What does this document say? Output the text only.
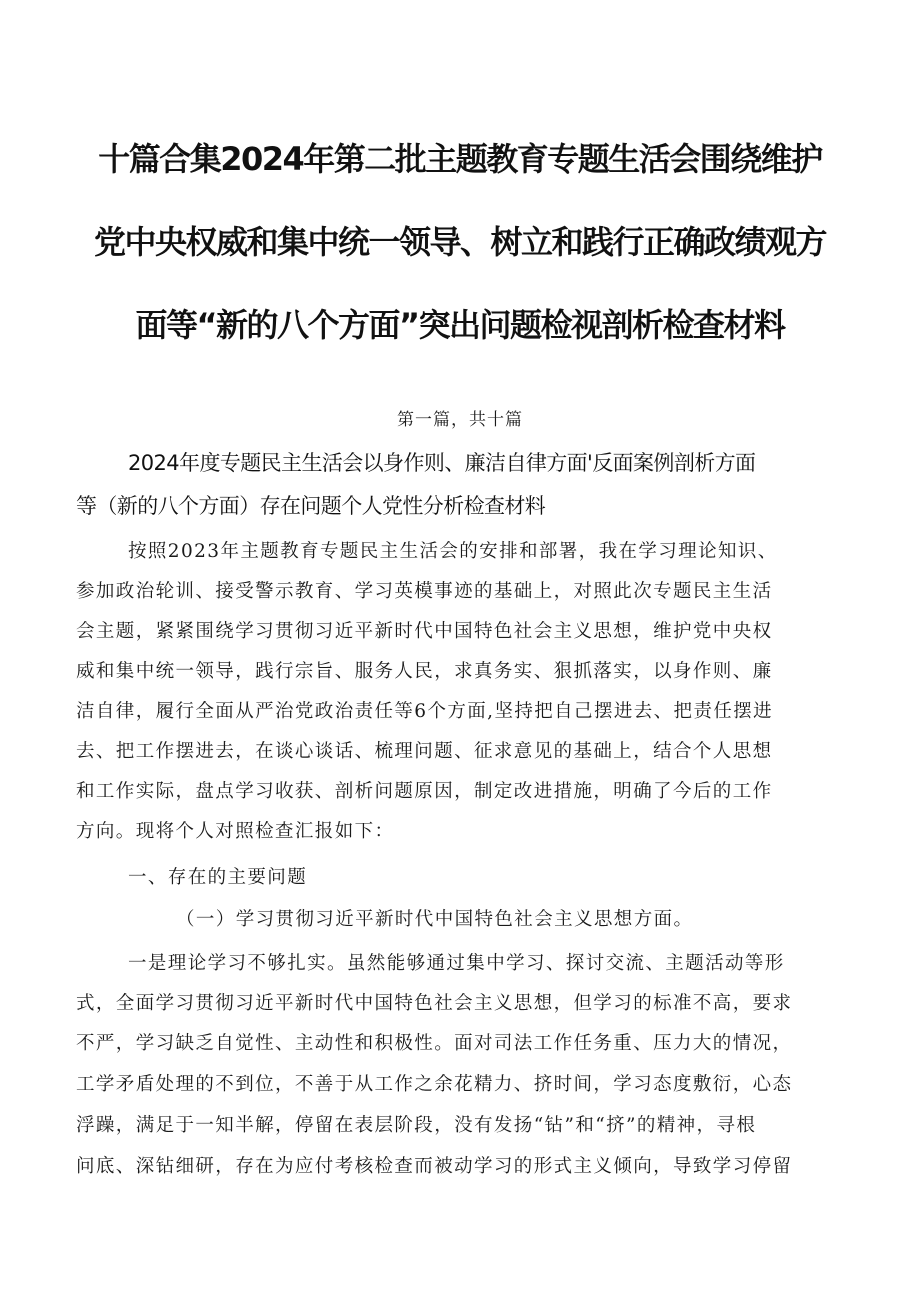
十篇合集2024年第二批主题教育专题生活会围绕维护
党中央权威和集中统一领导、树立和践行正确政绩观方
面等“新的八个方面”突出问题检视剖析检查材料
第一篇，共十篇
2024年度专题民主生活会以身作则、廉洁自律方面'反面案例剖析方面
等（新的八个方面）存在问题个人党性分析检查材料
按照2023年主题教育专题民主生活会的安排和部署，我在学习理论知识、
参加政治轮训、接受警示教育、学习英模事迹的基础上，对照此次专题民主生活
会主题，紧紧围绕学习贯彻习近平新时代中国特色社会主义思想，维护党中央权
威和集中统一领导，践行宗旨、服务人民，求真务实、狠抓落实，以身作则、廉
洁自律，履行全面从严治党政治责任等6个方面,坚持把自己摆进去、把责任摆进
去、把工作摆进去，在谈心谈话、梳理问题、征求意见的基础上，结合个人思想
和工作实际，盘点学习收获、剖析问题原因，制定改进措施，明确了今后的工作
方向。现将个人对照检查汇报如下：
一、存在的主要问题
（一）学习贯彻习近平新时代中国特色社会主义思想方面。
一是理论学习不够扎实。虽然能够通过集中学习、探讨交流、主题活动等形
式，全面学习贯彻习近平新时代中国特色社会主义思想，但学习的标准不高，要求
不严，学习缺乏自觉性、主动性和积极性。面对司法工作任务重、压力大的情况，
工学矛盾处理的不到位，不善于从工作之余花精力、挤时间，学习态度敷衍，心态
浮躁，满足于一知半解，停留在表层阶段，没有发扬“钻”和“挤”的精神，寻根
问底、深钻细研，存在为应付考核检查而被动学习的形式主义倾向，导致学习停留
